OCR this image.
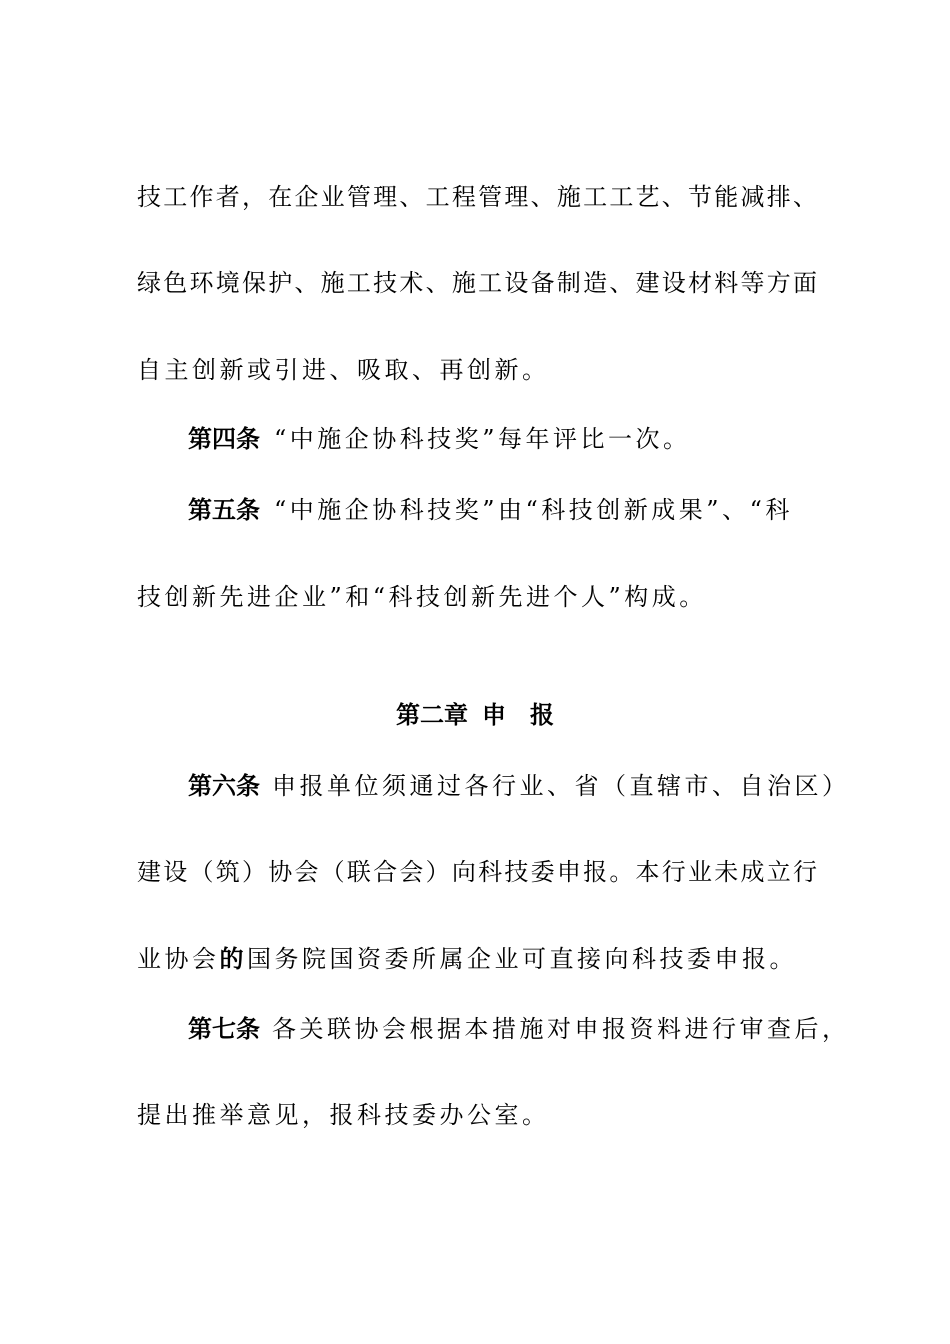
技工作者，在企业管理、工程管理、施工工艺、节能减排、
绿色环境保护、施工技术、施工设备制造、建设材料等方面
自主创新或引进、吸取、再创新。
第四条 “中施企协科技奖”每年评比一次。
第五条 “中施企协科技奖”由“科技创新成果”、“科
技创新先进企业”和“科技创新先进个人”构成。
第二章 申 报
第六条 申报单位须通过各行业、省（直辖市、自治区）
建设（筑）协会（联合会）向科技委申报。本行业未成立行
业协会的国务院国资委所属企业可直接向科技委申报。
第七条 各关联协会根据本措施对申报资料进行审查后，
提出推举意见，报科技委办公室。
